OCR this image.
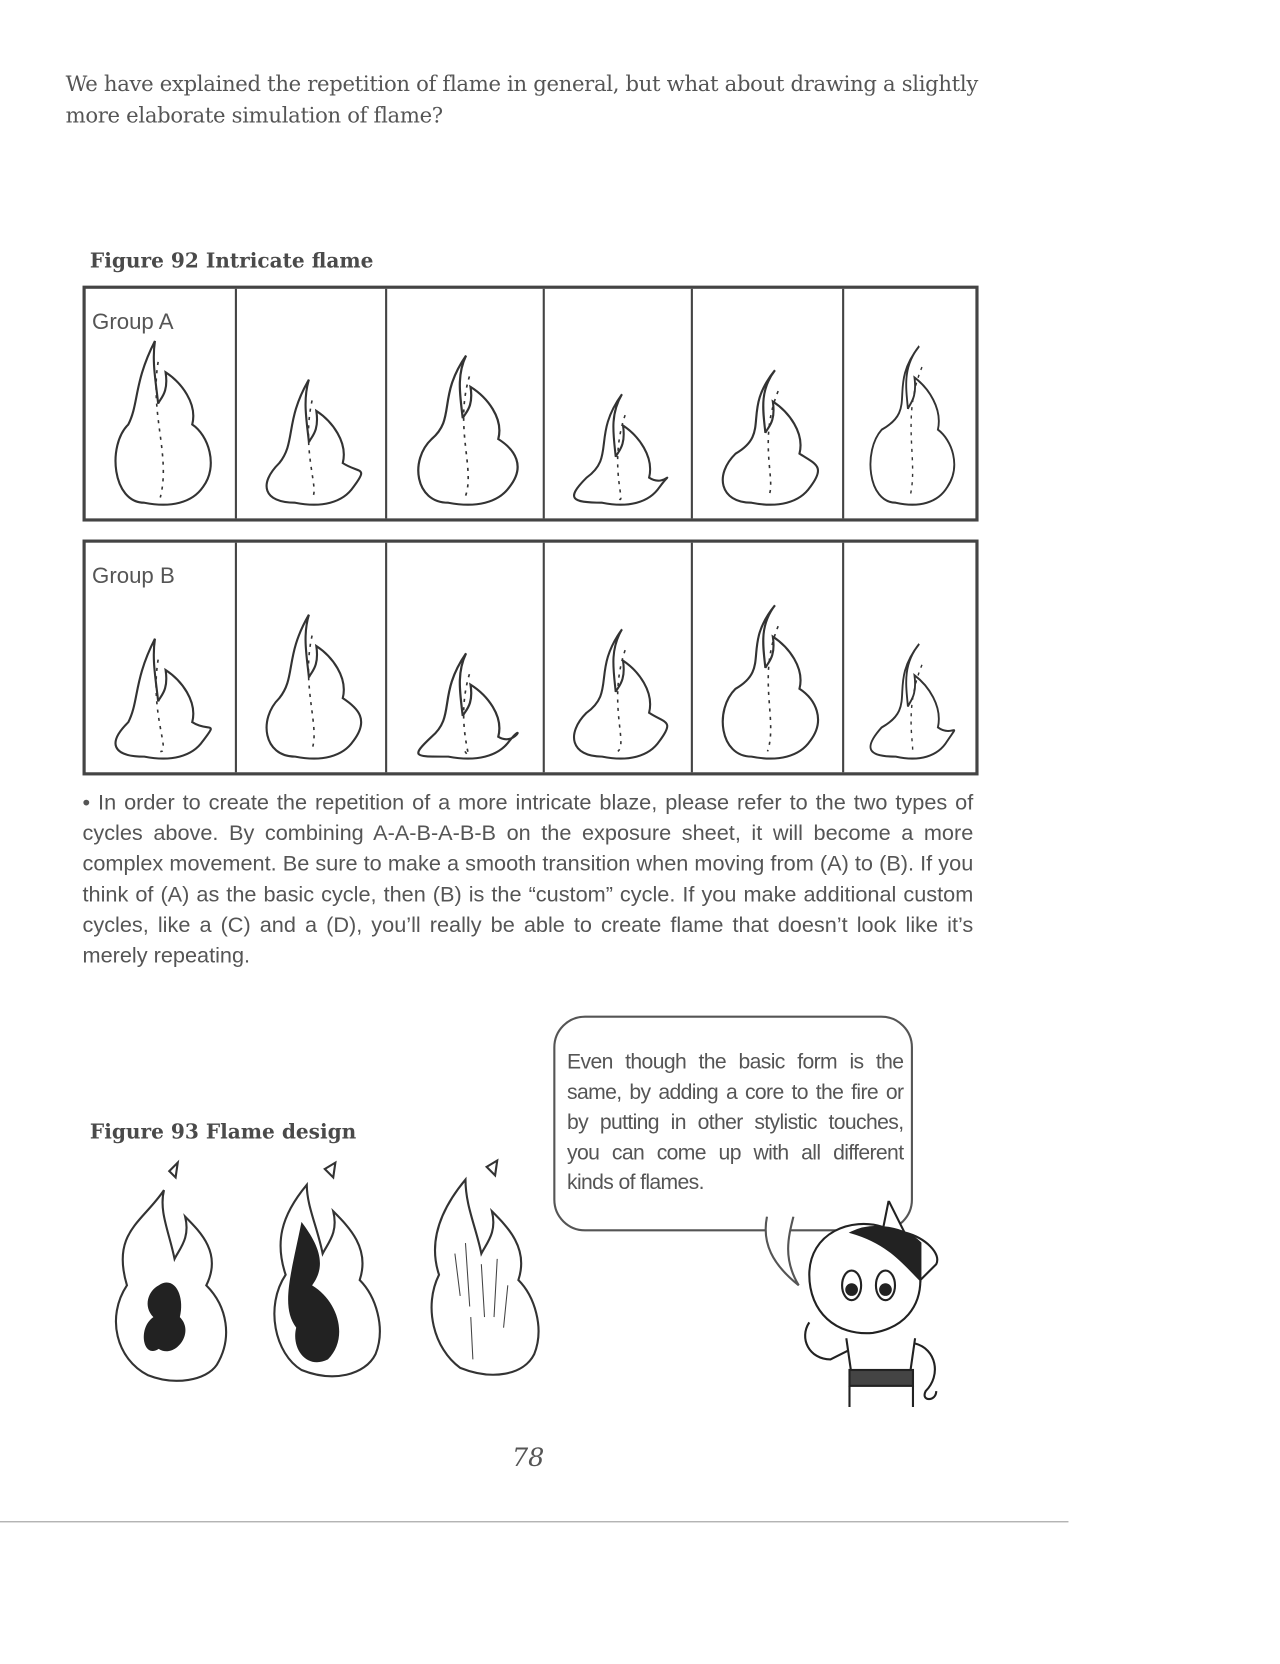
We have explained the repetition of flame in general, but what about drawing a slightly more elaborate simulation of flame?
Figure 92 Intricate flame
Group A
Group B
• In order to create the repetition of a more intricate blaze, please refer to the two types of cycles above. By combining A-A-B-A-B-B on the exposure sheet, it will become a more complex movement. Be sure to make a smooth transition when moving from (A) to (B). If you think of (A) as the basic cycle, then (B) is the “custom” cycle. If you make additional custom cycles, like a (C) and a (D), you’ll really be able to create flame that doesn’t look like it’s merely repeating.
Figure 93 Flame design
Even though the basic form is the same, by adding a core to the fire or by putting in other stylistic touches, you can come up with all different kinds of flames.
78
